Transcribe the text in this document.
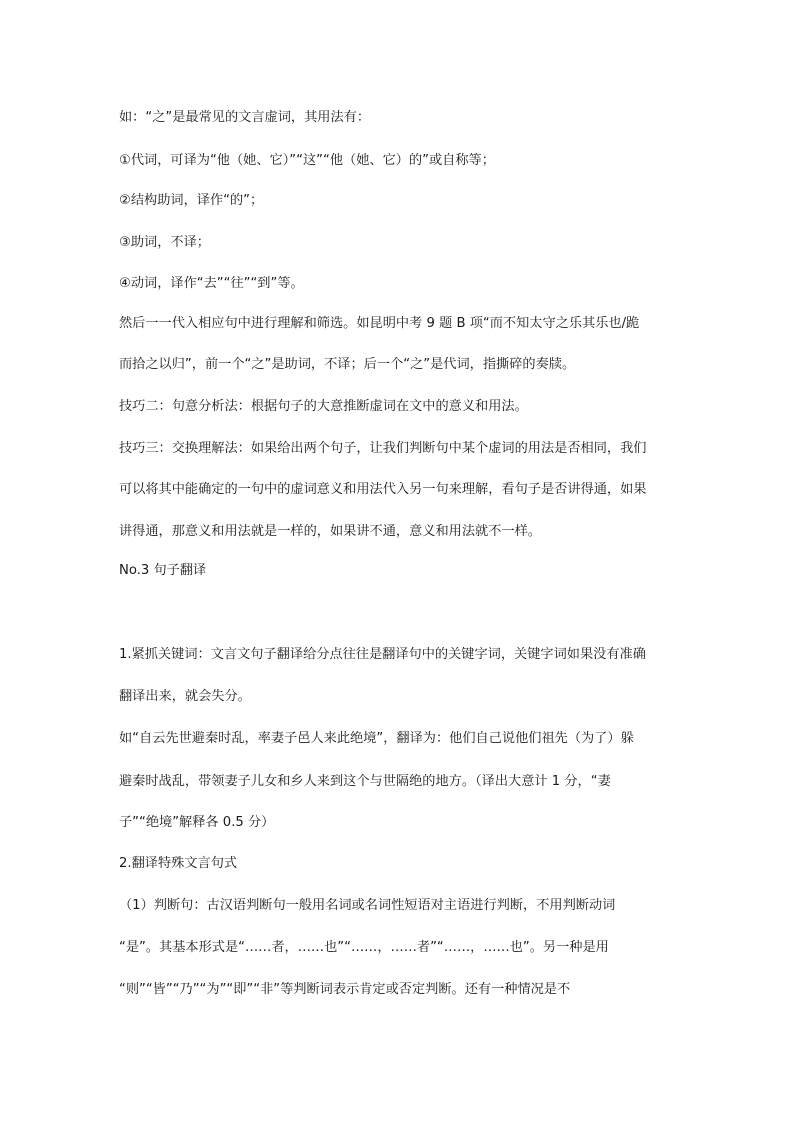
如：“之”是最常见的文言虚词，其用法有：
①代词，可译为“他（她、它）”“这”“他（她、它）的”或自称等；
②结构助词，译作“的”；
③助词，不译；
④动词，译作“去”“往”“到”等。
然后一一代入相应句中进行理解和筛选。如昆明中考 9 题 B 项“而不知太守之乐其乐也/跪
而拾之以归”，前一个“之”是助词，不译；后一个“之”是代词，指撕碎的奏牍。
技巧二：句意分析法：根据句子的大意推断虚词在文中的意义和用法。
技巧三：交换理解法：如果给出两个句子，让我们判断句中某个虚词的用法是否相同，我们
可以将其中能确定的一句中的虚词意义和用法代入另一句来理解，看句子是否讲得通，如果
讲得通，那意义和用法就是一样的，如果讲不通，意义和用法就不一样。
No.3 句子翻译
1.紧抓关键词：文言文句子翻译给分点往往是翻译句中的关键字词，关键字词如果没有准确
翻译出来，就会失分。
如“自云先世避秦时乱，率妻子邑人来此绝境”，翻译为：他们自己说他们祖先（为了）躲
避秦时战乱，带领妻子儿女和乡人来到这个与世隔绝的地方。（译出大意计 1 分，“妻
子”“绝境”解释各 0.5 分）
2.翻译特殊文言句式
（1）判断句：古汉语判断句一般用名词或名词性短语对主语进行判断，不用判断动词
“是”。其基本形式是“……者，……也”“……，……者”“……，……也”。另一种是用
“则”“皆”“乃”“为”“即”“非”等判断词表示肯定或否定判断。还有一种情况是不
